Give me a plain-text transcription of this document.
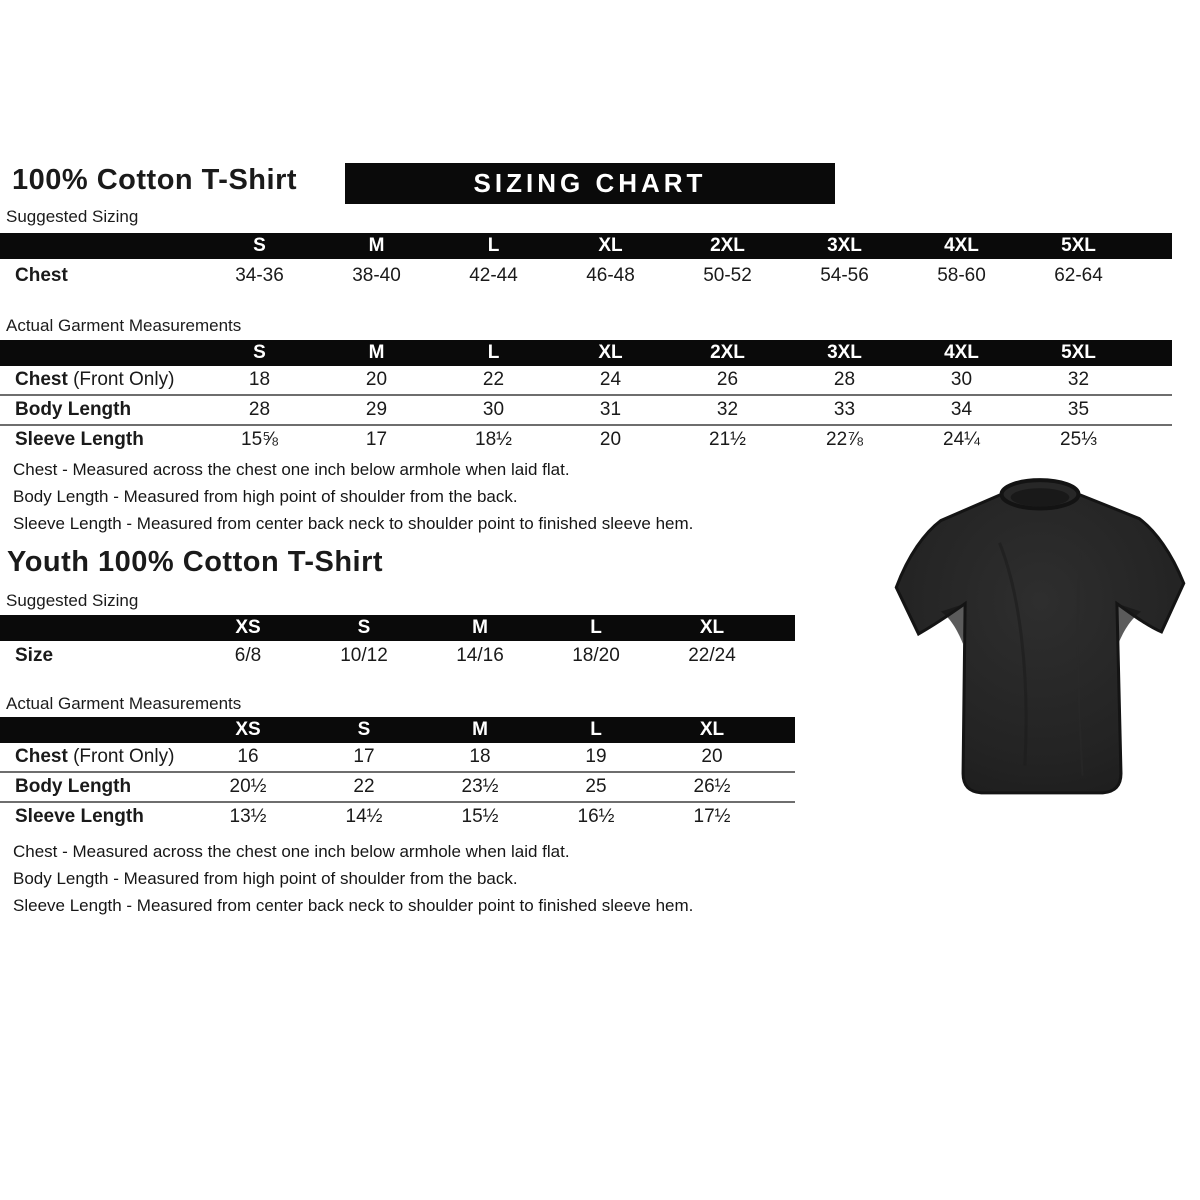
100% Cotton T-Shirt	SIZING CHART
Suggested Sizing
	S	M	L	XL	2XL	3XL	4XL	5XL	
Chest	34-36	38-40	42-44	46-48	50-52	54-56	58-60	62-64	
Actual Garment Measurements
	S	M	L	XL	2XL	3XL	4XL	5XL	
Chest (Front Only)	18	20	22	24	26	28	30	32	
Body Length	28	29	30	31	32	33	34	35	
Sleeve Length	15⅝	17	18½	20	21½	22⅞	24¼	25⅓	

Chest - Measured across the chest one inch below armhole when laid flat.

Body Length - Measured from high point of shoulder from the back.

Sleeve Length - Measured from center back neck to shoulder point to finished sleeve hem.

Youth 100% Cotton T-Shirt
Suggested Sizing
	XS	S	M	L	XL	
Size	6/8	10/12	14/16	18/20	22/24	
Actual Garment Measurements
	XS	S	M	L	XL	
Chest (Front Only)	16	17	18	19	20	
Body Length	20½	22	23½	25	26½	
Sleeve Length	13½	14½	15½	16½	17½	

Chest - Measured across the chest one inch below armhole when laid flat.

Body Length - Measured from high point of shoulder from the back.

Sleeve Length - Measured from center back neck to shoulder point to finished sleeve hem.
